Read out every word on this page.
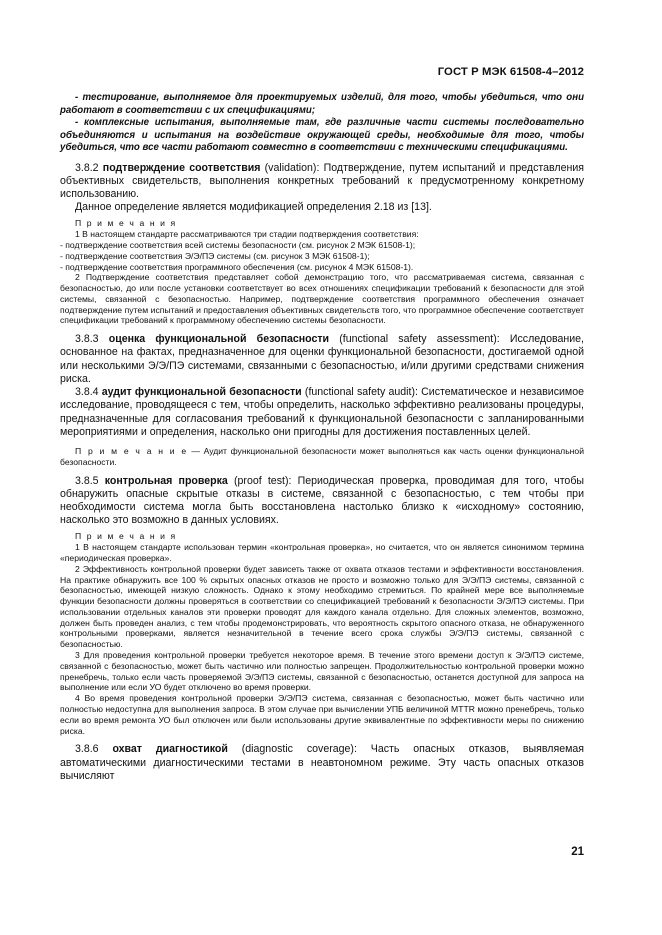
ГОСТ Р МЭК 61508-4–2012

- тестирование, выполняемое для проектируемых изделий, для того, чтобы убедиться, что они работают в соответствии с их спецификациями;

- комплексные испытания, выполняемые там, где различные части системы последовательно объединяются и испытания на воздействие окружающей среды, необходимые для того, чтобы убедиться, что все части работают совместно в соответствии с техническими спецификациями.

3.8.2 подтверждение соответствия (validation): Подтверждение, путем испытаний и представления объективных свидетельств, выполнения конкретных требований к предусмотренному конкретному использованию.

Данное определение является модификацией определения 2.18 из [13].

П р и м е ч а н и я

1 В настоящем стандарте рассматриваются три стадии подтверждения соответствия:

- подтверждение соответствия всей системы безопасности (см. рисунок 2 МЭК 61508-1);

- подтверждение соответствия Э/Э/ПЭ системы (см. рисунок 3 МЭК 61508-1);

- подтверждение соответствия программного обеспечения (см. рисунок 4 МЭК 61508-1).

2 Подтверждение соответствия представляет собой демонстрацию того, что рассматриваемая система, связанная с безопасностью, до или после установки соответствует во всех отношениях спецификации требований к безопасности для этой системы, связанной с безопасностью. Например, подтверждение соответствия программного обеспечения означает подтверждение путем испытаний и предоставления объективных свидетельств того, что программное обеспечение соответствует спецификации требований к программному обеспечению системы безопасности.

3.8.3 оценка функциональной безопасности (functional safety assessment): Исследование, основанное на фактах, предназначенное для оценки функциональной безопасности, достигаемой одной или несколькими Э/Э/ПЭ системами, связанными с безопасностью, и/или другими средствами снижения риска.

3.8.4 аудит функциональной безопасности (functional safety audit): Систематическое и независимое исследование, проводящееся с тем, чтобы определить, насколько эффективно реализованы процедуры, предназначенные для согласования требований к функциональной безопасности с запланированными мероприятиями и определения, насколько они пригодны для достижения поставленных целей.

П р и м е ч а н и е — Аудит функциональной безопасности может выполняться как часть оценки функциональной безопасности.

3.8.5 контрольная проверка (proof test): Периодическая проверка, проводимая для того, чтобы обнаружить опасные скрытые отказы в системе, связанной с безопасностью, с тем чтобы при необходимости система могла быть восстановлена настолько близко к «исходному» состоянию, насколько это возможно в данных условиях.

П р и м е ч а н и я

1 В настоящем стандарте использован термин «контрольная проверка», но считается, что он является синонимом термина «периодическая проверка».

2 Эффективность контрольной проверки будет зависеть также от охвата отказов тестами и эффективности восстановления. На практике обнаружить все 100 % скрытых опасных отказов не просто и возможно только для Э/Э/ПЭ системы, связанной с безопасностью, имеющей низкую сложность. Однако к этому необходимо стремиться. По крайней мере все выполняемые функции безопасности должны проверяться в соответствии со спецификацией требований к безопасности Э/Э/ПЭ системы. При использовании отдельных каналов эти проверки проводят для каждого канала отдельно. Для сложных элементов, возможно, должен быть проведен анализ, с тем чтобы продемонстрировать, что вероятность скрытого опасного отказа, не обнаруженного контрольными проверками, является незначительной в течение всего срока службы Э/Э/ПЭ системы, связанной с безопасностью.

3 Для проведения контрольной проверки требуется некоторое время. В течение этого времени доступ к Э/Э/ПЭ системе, связанной с безопасностью, может быть частично или полностью запрещен. Продолжительностью контрольной проверки можно пренебречь, только если часть проверяемой Э/Э/ПЭ системы, связанной с безопасностью, останется доступной для запроса на выполнение или если УО будет отключено во время проверки.

4 Во время проведения контрольной проверки Э/Э/ПЭ система, связанная с безопасностью, может быть частично или полностью недоступна для выполнения запроса. В этом случае при вычислении УПБ величиной MTTR можно пренебречь, только если во время ремонта УО был отключен или были использованы другие эквивалентные по эффективности меры по снижению риска.

3.8.6 охват диагностикой (diagnostic coverage): Часть опасных отказов, выявляемая автоматическими диагностическими тестами в неавтономном режиме. Эту часть опасных отказов вычисляют

21
